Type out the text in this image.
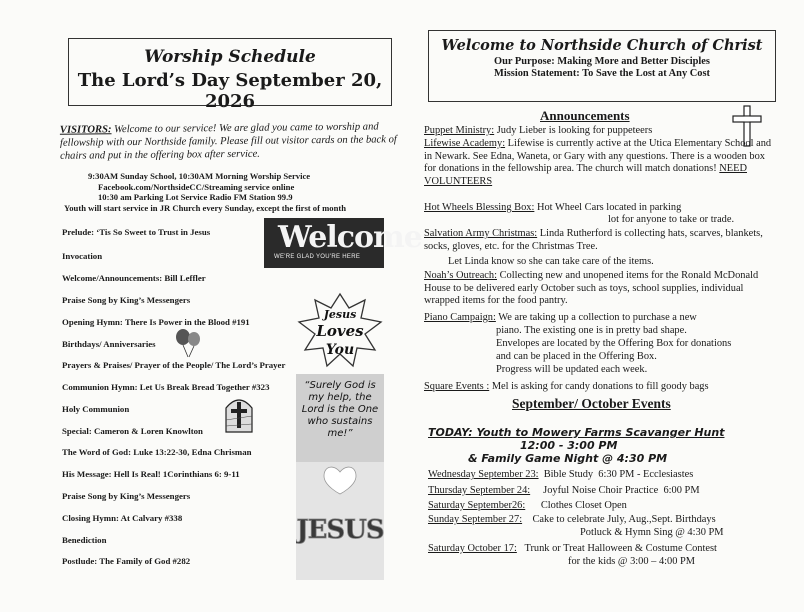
Worship Schedule
The Lord’s Day September 20, 2026
VISITORS: Welcome to our service! We are glad you came to worship and fellowship with our Northside family. Please fill out visitor cards on the back of chairs and put in the offering box after service.
9:30AM Sunday School, 10:30AM Morning Worship Service
Facebook.com/NorthsideCC/Streaming service online
10:30 am Parking Lot Service Radio FM Station 99.9
Youth will start service in JR Church every Sunday, except the first of month
Prelude: ‘Tis So Sweet to Trust in Jesus
Invocation
Welcome/Announcements: Bill Leffler
Praise Song by King’s Messengers
Opening Hymn: There Is Power in the Blood #191
Birthdays/ Anniversaries
Prayers & Praises/ Prayer of the People/ The Lord’s Prayer
Communion Hymn: Let Us Break Bread Together #323
Holy Communion
Special: Cameron & Loren Knowlton
The Word of God: Luke 13:22-30, Edna Chrisman
His Message: Hell Is Real! 1Corinthians 6: 9-11
Praise Song by King’s Messengers
Closing Hymn: At Calvary #338
Benediction
Postlude: The Family of God #282
Welcome
WE'RE GLAD YOU'RE HERE
Jesus
Loves
You
“Surely God is my help, the Lord is the One who sustains me!”
JESUS
Welcome to Northside Church of Christ
Our Purpose: Making More and Better Disciples
Mission Statement: To Save the Lost at Any Cost
Announcements
Puppet Ministry: Judy Lieber is looking for puppeteers
Lifewise Academy: Lifewise is currently active at the Utica Elementary School and in Newark. See Edna, Waneta, or Gary with any questions. There is a wooden box for donations in the fellowship area. The church will match donations! NEED VOLUNTEERS
Hot Wheels Blessing Box: Hot Wheel Cars located in parking
lot for anyone to take or trade.
Salvation Army Christmas: Linda Rutherford is collecting hats, scarves, blankets, socks, gloves, etc. for the Christmas Tree.
Let Linda know so she can take care of the items.
Noah’s Outreach: Collecting new and unopened items for the Ronald McDonald House to be delivered early October such as toys, school supplies, individual wrapped items for the food pantry.
Piano Campaign: We are taking up a collection to purchase a new
piano. The existing one is in pretty bad shape.
Envelopes are located by the Offering Box for donations
and can be placed in the Offering Box.
Progress will be updated each week.
Square Events : Mel is asking for candy donations to fill goody bags
September/ October Events
TODAY: Youth to Mowery Farms Scavanger Hunt
12:00 - 3:00 PM
& Family Game Night @ 4:30 PM
Wednesday September 23:  Bible Study  6:30 PM - Ecclesiastes
Thursday September 24:     Joyful Noise Choir Practice  6:00 PM
Saturday September26:      Clothes Closet Open
Sunday September 27:    Cake to celebrate July, Aug.,Sept. Birthdays
Potluck & Hymn Sing @ 4:30 PM
Saturday October 17:   Trunk or Treat Halloween & Costume Contest
for the kids @ 3:00 – 4:00 PM
